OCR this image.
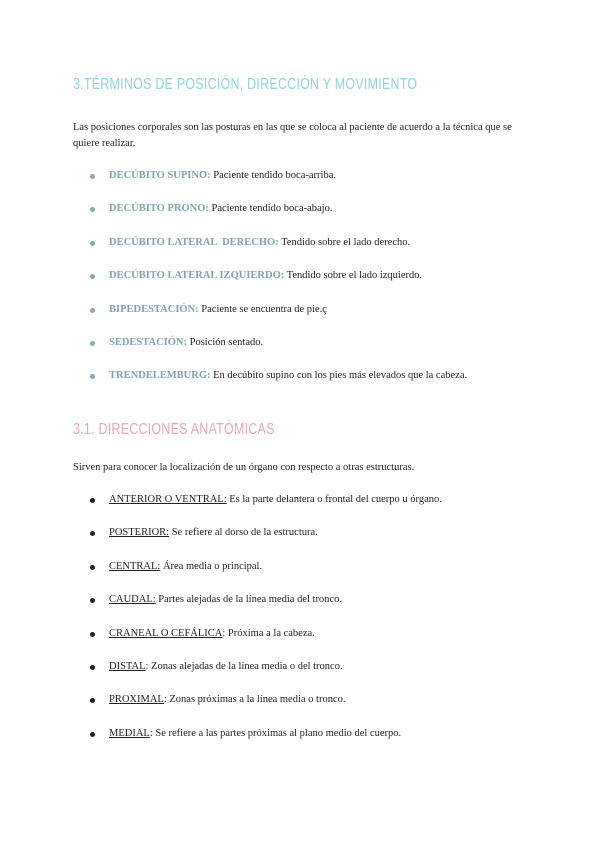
3.TÉRMINOS DE POSICIÓN, DIRECCIÓN Y MOVIMIENTO
Las posiciones corporales son las posturas en las que se coloca al paciente de acuerdo a la técnica que se quiere realizar.
DECÚBITO SUPINO: Paciente tendido boca-arriba.
DECÚBITO PRONO: Paciente tendido boca-abajo.
DECÚBITO LATERAL  DERECHO: Tendido sobre el lado derecho.
DECÚBITO LATERAL IZQUIERDO: Tendido sobre el lado izquierdo.
BIPEDESTACIÓN: Paciente se encuentra de pie.ç
SEDESTACIÓN: Posición sentado.
TRENDELEMBURG: En decúbito supino con los pies más elevados que la cabeza.
3.1. DIRECCIONES ANATÓMICAS
Sirven para conocer la localización de un órgano con respecto a otras estructuras.
ANTERIOR O VENTRAL: Es la parte delantera o frontal del cuerpo u órgano.
POSTERIOR: Se refiere al dorso de la estructura.
CENTRAL: Área media o principal.
CAUDAL: Partes alejadas de la línea media del tronco.
CRANEAL O CEFÁLICA: Próxima a la cabeza.
DISTAL: Zonas alejadas de la línea media o del tronco.
PROXIMAL: Zonas próximas a la línea media o tronco.
MEDIAL: Se refiere a las partes próximas al plano medio del cuerpo.
